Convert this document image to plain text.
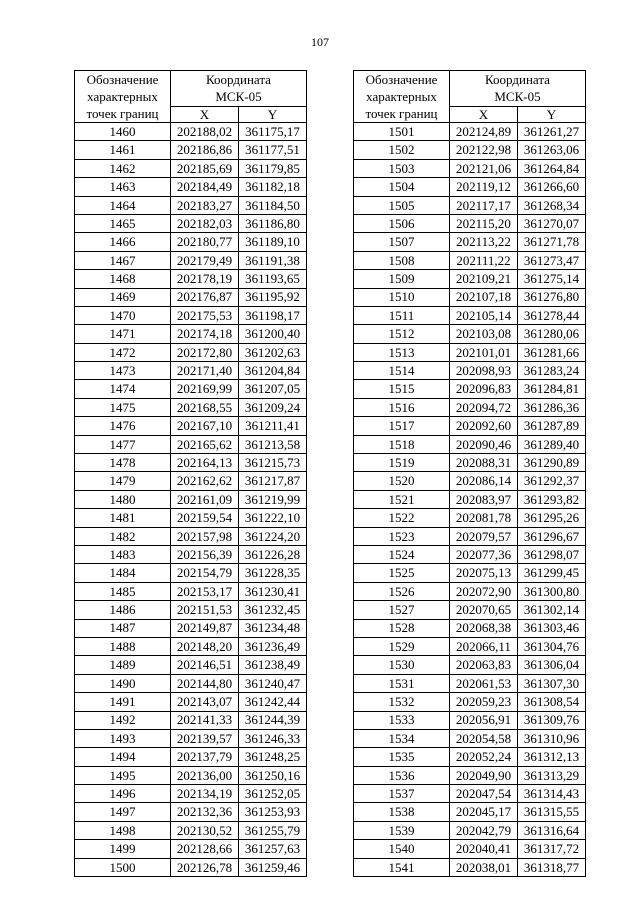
107
Обозначение
характерных
точек границ	Координата
МСК-05	
	X	Y
1460	202188,02	361175,17
1461	202186,86	361177,51
1462	202185,69	361179,85
1463	202184,49	361182,18
1464	202183,27	361184,50
1465	202182,03	361186,80
1466	202180,77	361189,10
1467	202179,49	361191,38
1468	202178,19	361193,65
1469	202176,87	361195,92
1470	202175,53	361198,17
1471	202174,18	361200,40
1472	202172,80	361202,63
1473	202171,40	361204,84
1474	202169,99	361207,05
1475	202168,55	361209,24
1476	202167,10	361211,41
1477	202165,62	361213,58
1478	202164,13	361215,73
1479	202162,62	361217,87
1480	202161,09	361219,99
1481	202159,54	361222,10
1482	202157,98	361224,20
1483	202156,39	361226,28
1484	202154,79	361228,35
1485	202153,17	361230,41
1486	202151,53	361232,45
1487	202149,87	361234,48
1488	202148,20	361236,49
1489	202146,51	361238,49
1490	202144,80	361240,47
1491	202143,07	361242,44
1492	202141,33	361244,39
1493	202139,57	361246,33
1494	202137,79	361248,25
1495	202136,00	361250,16
1496	202134,19	361252,05
1497	202132,36	361253,93
1498	202130,52	361255,79
1499	202128,66	361257,63
1500	202126,78	361259,46
Обозначение
характерных
точек границ	Координата
МСК-05	
	X	Y
1501	202124,89	361261,27
1502	202122,98	361263,06
1503	202121,06	361264,84
1504	202119,12	361266,60
1505	202117,17	361268,34
1506	202115,20	361270,07
1507	202113,22	361271,78
1508	202111,22	361273,47
1509	202109,21	361275,14
1510	202107,18	361276,80
1511	202105,14	361278,44
1512	202103,08	361280,06
1513	202101,01	361281,66
1514	202098,93	361283,24
1515	202096,83	361284,81
1516	202094,72	361286,36
1517	202092,60	361287,89
1518	202090,46	361289,40
1519	202088,31	361290,89
1520	202086,14	361292,37
1521	202083,97	361293,82
1522	202081,78	361295,26
1523	202079,57	361296,67
1524	202077,36	361298,07
1525	202075,13	361299,45
1526	202072,90	361300,80
1527	202070,65	361302,14
1528	202068,38	361303,46
1529	202066,11	361304,76
1530	202063,83	361306,04
1531	202061,53	361307,30
1532	202059,23	361308,54
1533	202056,91	361309,76
1534	202054,58	361310,96
1535	202052,24	361312,13
1536	202049,90	361313,29
1537	202047,54	361314,43
1538	202045,17	361315,55
1539	202042,79	361316,64
1540	202040,41	361317,72
1541	202038,01	361318,77
